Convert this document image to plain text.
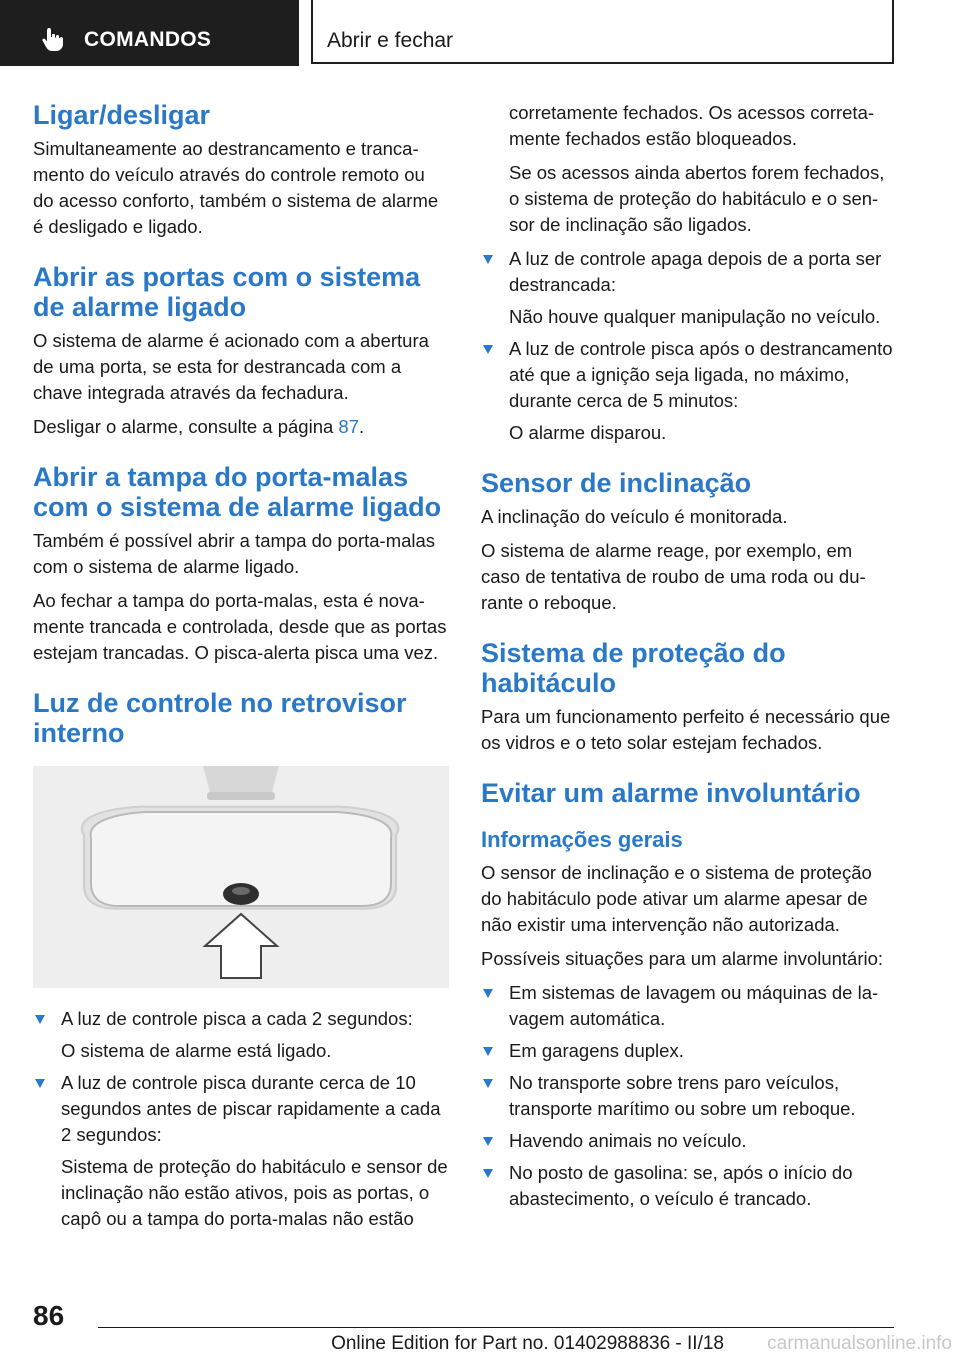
COMANDOS	Abrir e fechar
Ligar/desligar

Simultaneamente ao destrancamento e trancamento do veículo através do controle remoto ou do acesso conforto, também o sistema de alarme é desligado e ligado.

Abrir as portas com o sistema de alarme ligado

O sistema de alarme é acionado com a abertura de uma porta, se esta for destrancada com a chave integrada através da fechadura.

Desligar o alarme, consulte a página 87.

Abrir a tampa do porta-malas com o sistema de alarme ligado

Também é possível abrir a tampa do porta-malas com o sistema de alarme ligado.

Ao fechar a tampa do porta-malas, esta é novamente trancada e controlada, desde que as portas estejam trancadas. O pisca-alerta pisca uma vez.

Luz de controle no retrovisor interno

A luz de controle pisca a cada 2 segundos:

O sistema de alarme está ligado.

A luz de controle pisca durante cerca de 10 segundos antes de piscar rapidamente a cada 2 segundos:

Sistema de proteção do habitáculo e sensor de inclinação não estão ativos, pois as portas, o capô ou a tampa do porta-malas não estão

corretamente fechados. Os acessos corretamente fechados estão bloqueados.

Se os acessos ainda abertos forem fechados, o sistema de proteção do habitáculo e o sensor de inclinação são ligados.

A luz de controle apaga depois de a porta ser destrancada:

Não houve qualquer manipulação no veículo.

A luz de controle pisca após o destrancamento até que a ignição seja ligada, no máximo, durante cerca de 5 minutos:

O alarme disparou.

Sensor de inclinação

A inclinação do veículo é monitorada.

O sistema de alarme reage, por exemplo, em caso de tentativa de roubo de uma roda ou durante o reboque.

Sistema de proteção do habitáculo

Para um funcionamento perfeito é necessário que os vidros e o teto solar estejam fechados.

Evitar um alarme involuntário
Informações gerais

O sensor de inclinação e o sistema de proteção do habitáculo pode ativar um alarme apesar de não existir uma intervenção não autorizada.

Possíveis situações para um alarme involuntário:

Em sistemas de lavagem ou máquinas de lavagem automática.

Em garagens duplex.

No transporte sobre trens paro veículos, transporte marítimo ou sobre um reboque.

Havendo animais no veículo.

No posto de gasolina: se, após o início do abastecimento, o veículo é trancado.

86
Online Edition for Part no. 01402988836 - II/18	carmanualsonline.info
